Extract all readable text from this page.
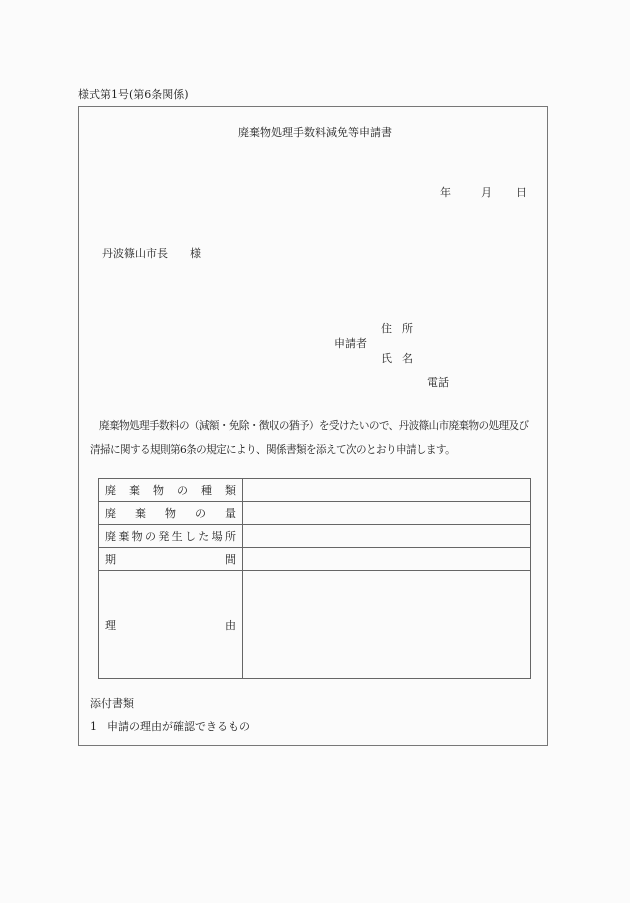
様式第1号(第6条関係)
廃棄物処理手数料減免等申請書
年	月 日
丹波篠山市長 様
住所
申請者
氏名
電話
廃棄物処理手数料の（減額・免除・徴収の猶予）を受けたいので、丹波篠山市廃棄物の処理及び
清掃に関する規則第6条の規定により、関係書類を添えて次のとおり申請します。
廃 棄 物 の 種 類

廃 棄 物 の 量	

廃 棄 物 の 発 生 し た 場 所

期 間	

理 由	

添付書類
1 申請の理由が確認できるもの
